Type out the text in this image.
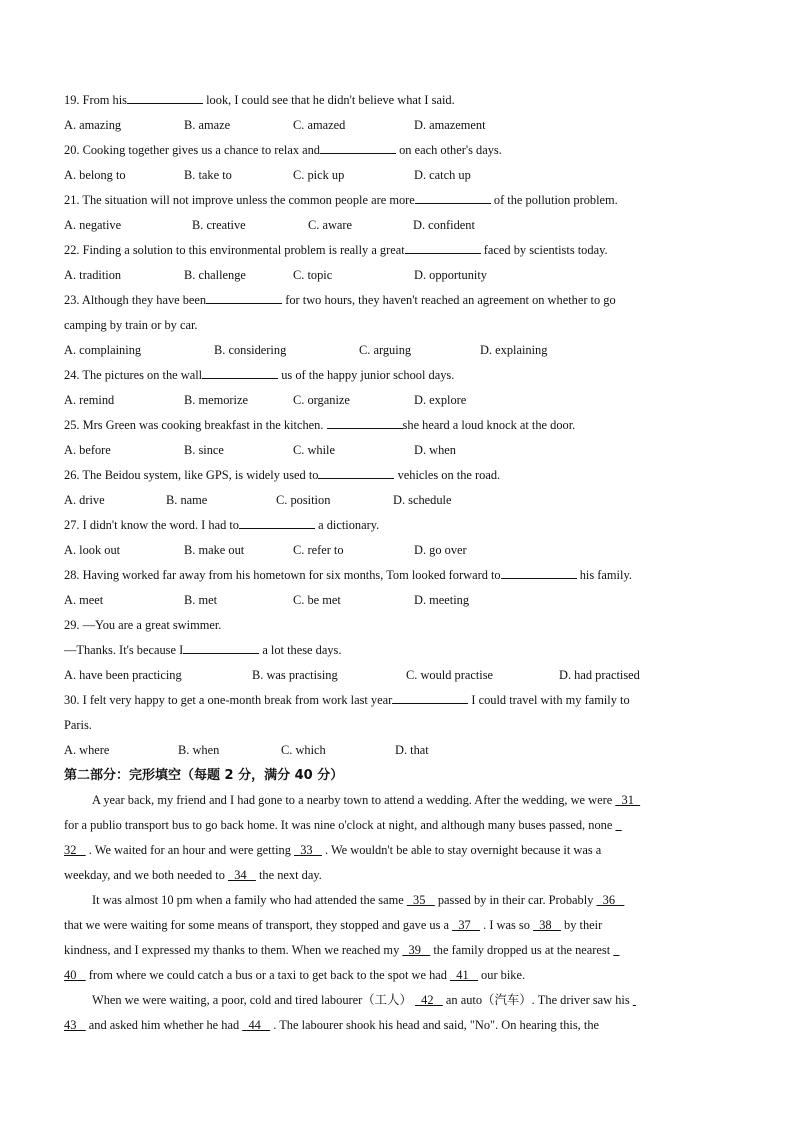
19. From his	look, I could see that he didn't believe what I said.
A. amazing	B. amaze	C. amazed	D. amazement
20. Cooking together gives us a chance to relax and	on each other's days.
A. belong to	B. take to	C. pick up	D. catch up
21. The situation will not improve unless the common people are more	of the pollution problem.
A. negative	B. creative	C. aware	D. confident
22. Finding a solution to this environmental problem is really a great	faced by scientists today.
A. tradition	B. challenge	C. topic	D. opportunity
23. Although they have been	for two hours, they haven't reached an agreement on whether to go
camping by train or by car.
A. complaining	B. considering	C. arguing	D. explaining
24. The pictures on the wall	us of the happy junior school days.
A. remind	B. memorize	C. organize	D. explore
25. Mrs Green was cooking breakfast in the kitchen.	she heard a loud knock at the door.
A. before	B. since	C. while	D. when
26. The Beidou system, like GPS, is widely used to	vehicles on the road.
A. drive	B. name	C. position	D. schedule
27. I didn't know the word. I had to	a dictionary.
A. look out	B. make out	C. refer to	D. go over
28. Having worked far away from his hometown for six months, Tom looked forward to	his family.
A. meet	B. met	C. be met	D. meeting
29. —You are a great swimmer.
—Thanks. It's because I	a lot these days.
A. have been practicing	B. was practising	C. would practise	D. had practised
30. I felt very happy to get a one-month break from work last year	I could travel with my family to
Paris.
A. where	B. when	C. which	D. that
第二部分：完形填空（每题 2 分，满分 40 分）
A year back, my friend and I had gone to a nearby town to attend a wedding. After the wedding, we were   31
for a publio transport bus to go back home. It was nine o'clock at night, and although many buses passed, none
32    . We waited for an hour and were getting   33    . We wouldn't be able to stay overnight because it was a
weekday, and we both needed to   34    the next day.
It was almost 10 pm when a family who had attended the same   35    passed by in their car. Probably   36
that we were waiting for some means of transport, they stopped and gave us a   37    . I was so   38    by their
kindness, and I expressed my thanks to them. When we reached my   39    the family dropped us at the nearest
40    from where we could catch a bus or a taxi to get back to the spot we had   41    our bike.
When we were waiting, a poor, cold and tired labourer（工人）   42    an auto（汽车）. The driver saw his
43    and asked him whether he had   44    . The labourer shook his head and said, "No". On hearing this, the
